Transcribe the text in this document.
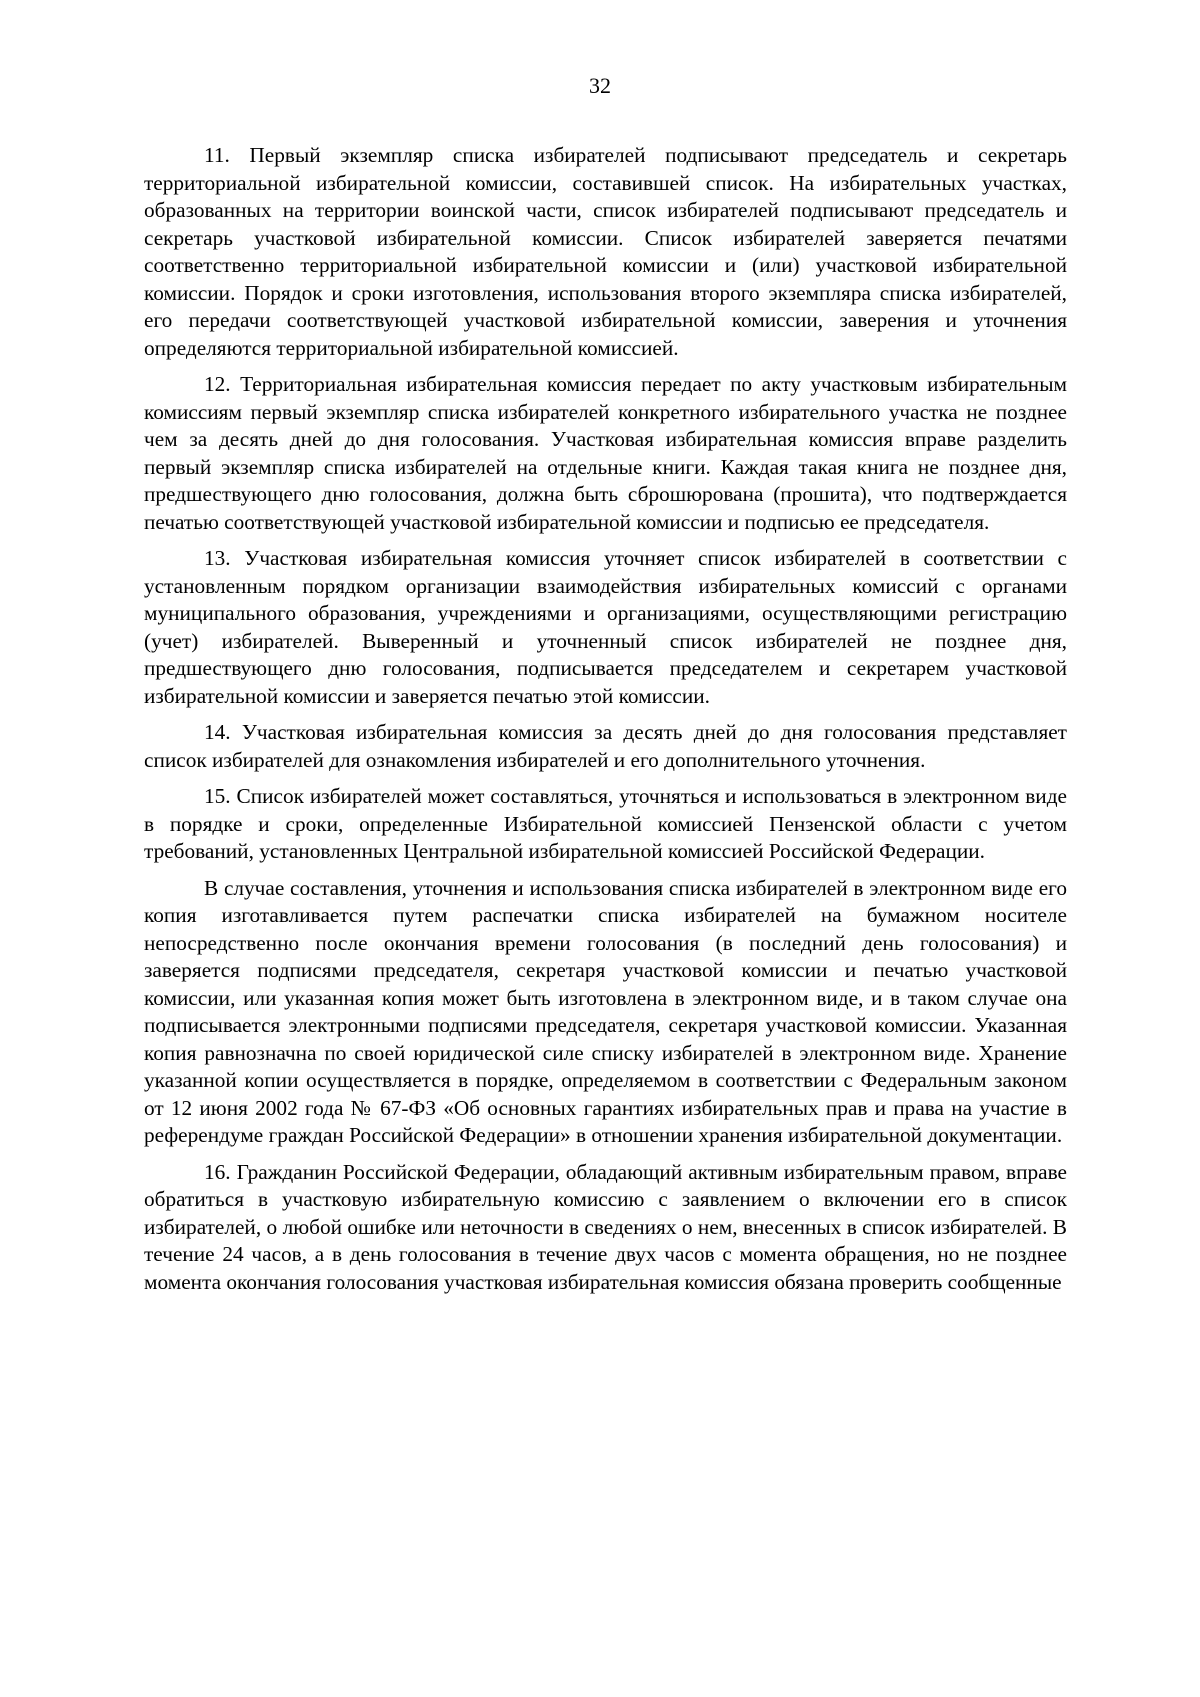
32

11. Первый экземпляр списка избирателей подписывают председатель и секретарь территориальной избирательной комиссии, составившей список. На избирательных участках, образованных на территории воинской части, список избирателей подписывают председатель и секретарь участковой избирательной комиссии. Список избирателей заверяется печатями соответственно территориальной избирательной комиссии и (или) участковой избирательной комиссии. Порядок и сроки изготовления, использования второго экземпляра списка избирателей, его передачи соответствующей участковой избирательной комиссии, заверения и уточнения определяются территориальной избирательной комиссией.

12. Территориальная избирательная комиссия передает по акту участковым избирательным комиссиям первый экземпляр списка избирателей конкретного избирательного участка не позднее чем за десять дней до дня голосования. Участковая избирательная комиссия вправе разделить первый экземпляр списка избирателей на отдельные книги. Каждая такая книга не позднее дня, предшествующего дню голосования, должна быть сброшюрована (прошита), что подтверждается печатью соответствующей участковой избирательной комиссии и подписью ее председателя.

13. Участковая избирательная комиссия уточняет список избирателей в соответствии с установленным порядком организации взаимодействия избирательных комиссий с органами муниципального образования, учреждениями и организациями, осуществляющими регистрацию (учет) избирателей. Выверенный и уточненный список избирателей не позднее дня, предшествующего дню голосования, подписывается председателем и секретарем участковой избирательной комиссии и заверяется печатью этой комиссии.

14. Участковая избирательная комиссия за десять дней до дня голосования представляет список избирателей для ознакомления избирателей и его дополнительного уточнения.

15. Список избирателей может составляться, уточняться и использоваться в электронном виде в порядке и сроки, определенные Избирательной комиссией Пензенской области с учетом требований, установленных Центральной избирательной комиссией Российской Федерации.

В случае составления, уточнения и использования списка избирателей в электронном виде его копия изготавливается путем распечатки списка избирателей на бумажном носителе непосредственно после окончания времени голосования (в последний день голосования) и заверяется подписями председателя, секретаря участковой комиссии и печатью участковой комиссии, или указанная копия может быть изготовлена в электронном виде, и в таком случае она подписывается электронными подписями председателя, секретаря участковой комиссии. Указанная копия равнозначна по своей юридической силе списку избирателей в электронном виде. Хранение указанной копии осуществляется в порядке, определяемом в соответствии с Федеральным законом от 12 июня 2002 года № 67-ФЗ «Об основных гарантиях избирательных прав и права на участие в референдуме граждан Российской Федерации» в отношении хранения избирательной документации.

16. Гражданин Российской Федерации, обладающий активным избирательным правом, вправе обратиться в участковую избирательную комиссию с заявлением о включении его в список избирателей, о любой ошибке или неточности в сведениях о нем, внесенных в список избирателей. В течение 24 часов, а в день голосования в течение двух часов с момента обращения, но не позднее момента окончания голосования участковая избирательная комиссия обязана проверить сообщенные
